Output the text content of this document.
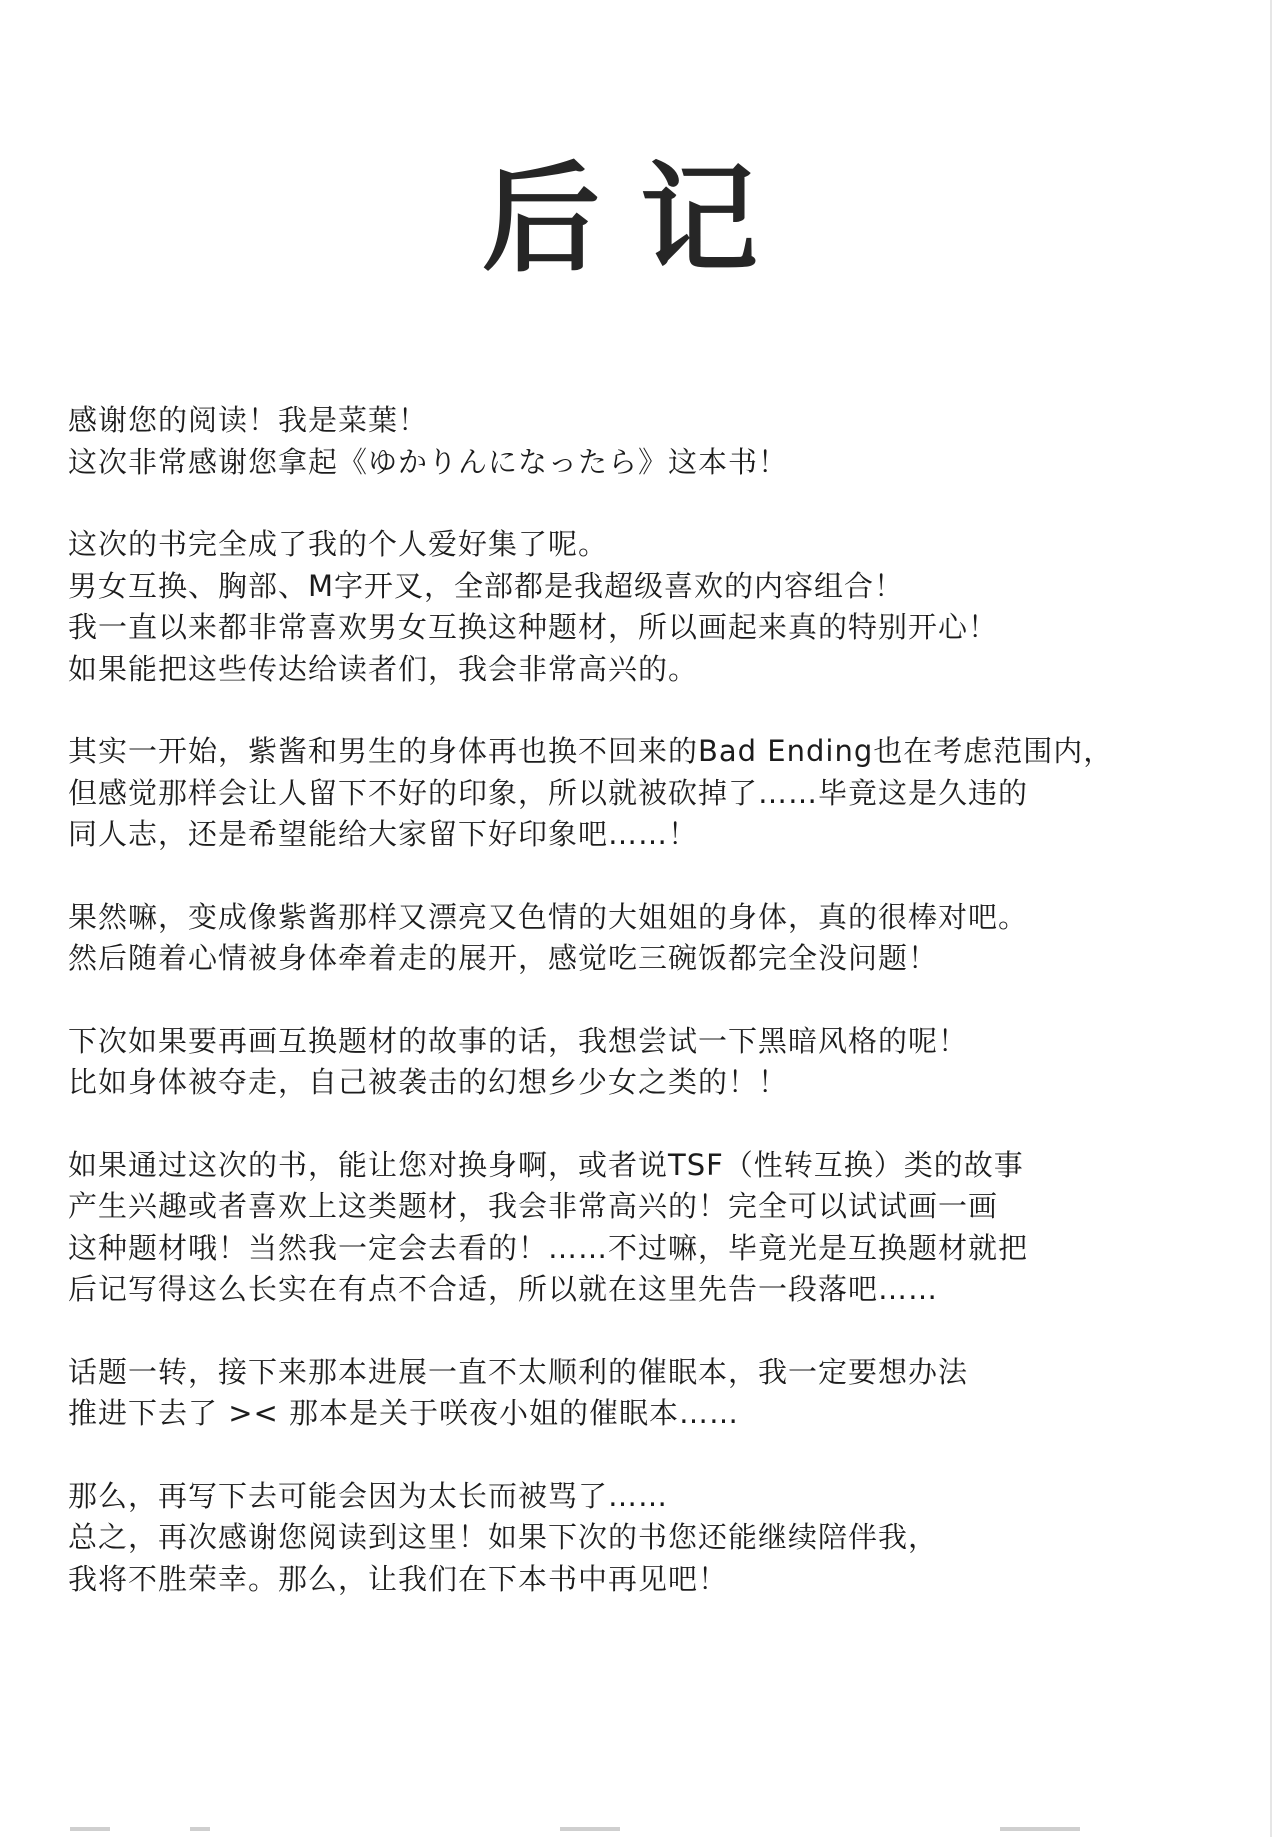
后记
感谢您的阅读！我是菜葉！
这次非常感谢您拿起《ゆかりんになったら》这本书！
这次的书完全成了我的个人爱好集了呢。
男女互换、胸部、M字开叉，全部都是我超级喜欢的内容组合！
我一直以来都非常喜欢男女互换这种题材，所以画起来真的特别开心！
如果能把这些传达给读者们，我会非常高兴的。
其实一开始，紫酱和男生的身体再也换不回来的Bad Ending也在考虑范围内，
但感觉那样会让人留下不好的印象，所以就被砍掉了……毕竟这是久违的
同人志，还是希望能给大家留下好印象吧……！
果然嘛，变成像紫酱那样又漂亮又色情的大姐姐的身体，真的很棒对吧。
然后随着心情被身体牵着走的展开，感觉吃三碗饭都完全没问题！
下次如果要再画互换题材的故事的话，我想尝试一下黑暗风格的呢！
比如身体被夺走，自己被袭击的幻想乡少女之类的！！
如果通过这次的书，能让您对换身啊，或者说TSF（性转互换）类的故事
产生兴趣或者喜欢上这类题材，我会非常高兴的！完全可以试试画一画
这种题材哦！当然我一定会去看的！……不过嘛，毕竟光是互换题材就把
后记写得这么长实在有点不合适，所以就在这里先告一段落吧……
话题一转，接下来那本进展一直不太顺利的催眠本，我一定要想办法
推进下去了 >< 那本是关于咲夜小姐的催眠本……
那么，再写下去可能会因为太长而被骂了……
总之，再次感谢您阅读到这里！如果下次的书您还能继续陪伴我，
我将不胜荣幸。那么，让我们在下本书中再见吧！
